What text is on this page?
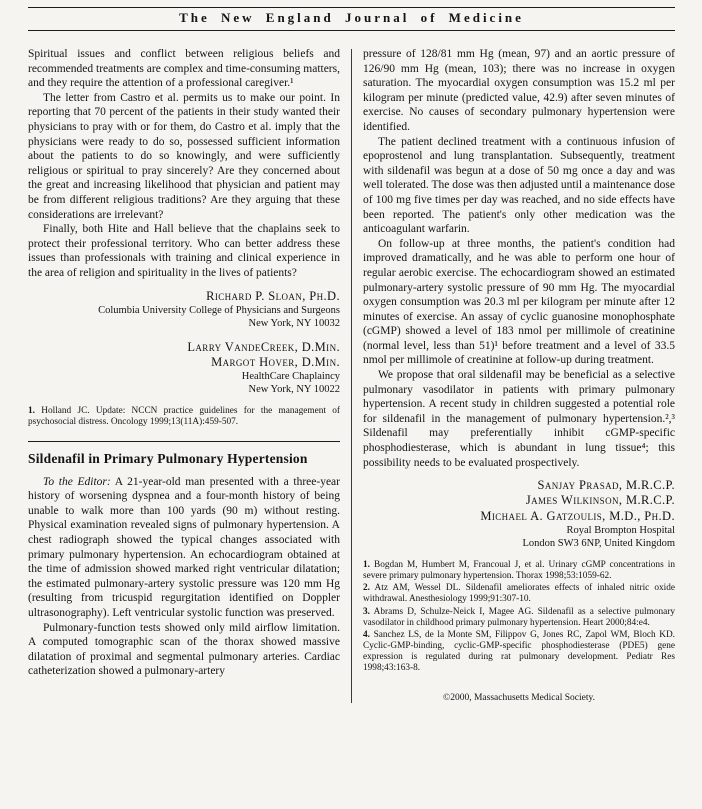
The New England Journal of Medicine

Spiritual issues and conflict between religious beliefs and recommended treatments are complex and time-consuming matters, and they require the attention of a professional caregiver.¹

The letter from Castro et al. permits us to make our point. In reporting that 70 percent of the patients in their study wanted their physicians to pray with or for them, do Castro et al. imply that the physicians were ready to do so, possessed sufficient information about the patients to do so knowingly, and were sufficiently religious or spiritual to pray sincerely? Are they concerned about the great and increasing likelihood that physician and patient may be from different religious traditions? Are they arguing that these considerations are irrelevant?

Finally, both Hite and Hall believe that the chaplains seek to protect their professional territory. Who can better address these issues than professionals with training and clinical experience in the area of religion and spirituality in the lives of patients?

Richard P. Sloan, Ph.D.
Columbia University College of Physicians and Surgeons
New York, NY 10032
Larry VandeCreek, D.Min.
Margot Hover, D.Min.
HealthCare Chaplaincy
New York, NY 10022

1. Holland JC. Update: NCCN practice guidelines for the management of psychosocial distress. Oncology 1999;13(11A):459-507.

Sildenafil in Primary Pulmonary Hypertension

To the Editor: A 21-year-old man presented with a three-year history of worsening dyspnea and a four-month history of being unable to walk more than 100 yards (90 m) without resting. Physical examination revealed signs of pulmonary hypertension. A chest radiograph showed the typical changes associated with primary pulmonary hypertension. An echocardiogram obtained at the time of admission showed marked right ventricular dilatation; the estimated pulmonary-artery systolic pressure was 120 mm Hg (resulting from tricuspid regurgitation identified on Doppler ultrasonography). Left ventricular systolic function was preserved.

Pulmonary-function tests showed only mild airflow limitation. A computed tomographic scan of the thorax showed massive dilatation of proximal and segmental pulmonary arteries. Cardiac catheterization showed a pulmonary-artery

pressure of 128/81 mm Hg (mean, 97) and an aortic pressure of 126/90 mm Hg (mean, 103); there was no increase in oxygen saturation. The myocardial oxygen consumption was 15.2 ml per kilogram per minute (predicted value, 42.9) after seven minutes of exercise. No causes of secondary pulmonary hypertension were identified.

The patient declined treatment with a continuous infusion of epoprostenol and lung transplantation. Subsequently, treatment with sildenafil was begun at a dose of 50 mg once a day and was well tolerated. The dose was then adjusted until a maintenance dose of 100 mg five times per day was reached, and no side effects have been reported. The patient's only other medication was the anticoagulant warfarin.

On follow-up at three months, the patient's condition had improved dramatically, and he was able to perform one hour of regular aerobic exercise. The echocardiogram showed an estimated pulmonary-artery systolic pressure of 90 mm Hg. The myocardial oxygen consumption was 20.3 ml per kilogram per minute after 12 minutes of exercise. An assay of cyclic guanosine monophosphate (cGMP) showed a level of 183 nmol per millimole of creatinine (normal level, less than 51)¹ before treatment and a level of 33.5 nmol per millimole of creatinine at follow-up during treatment.

We propose that oral sildenafil may be beneficial as a selective pulmonary vasodilator in patients with primary pulmonary hypertension. A recent study in children suggested a potential role for sildenafil in the management of pulmonary hypertension.²,³ Sildenafil may preferentially inhibit cGMP-specific phosphodiesterase, which is abundant in lung tissue⁴; this possibility needs to be evaluated prospectively.

Sanjay Prasad, M.R.C.P.
James Wilkinson, M.R.C.P.
Michael A. Gatzoulis, M.D., Ph.D.
Royal Brompton Hospital
London SW3 6NP, United Kingdom

1. Bogdan M, Humbert M, Francoual J, et al. Urinary cGMP concentrations in severe primary pulmonary hypertension. Thorax 1998;53:1059-62.

2. Atz AM, Wessel DL. Sildenafil ameliorates effects of inhaled nitric oxide withdrawal. Anesthesiology 1999;91:307-10.

3. Abrams D, Schulze-Neick I, Magee AG. Sildenafil as a selective pulmonary vasodilator in childhood primary pulmonary hypertension. Heart 2000;84:e4.

4. Sanchez LS, de la Monte SM, Filippov G, Jones RC, Zapol WM, Bloch KD. Cyclic-GMP-binding, cyclic-GMP-specific phosphodiesterase (PDE5) gene expression is regulated during rat pulmonary development. Pediatr Res 1998;43:163-8.

©2000, Massachusetts Medical Society.
